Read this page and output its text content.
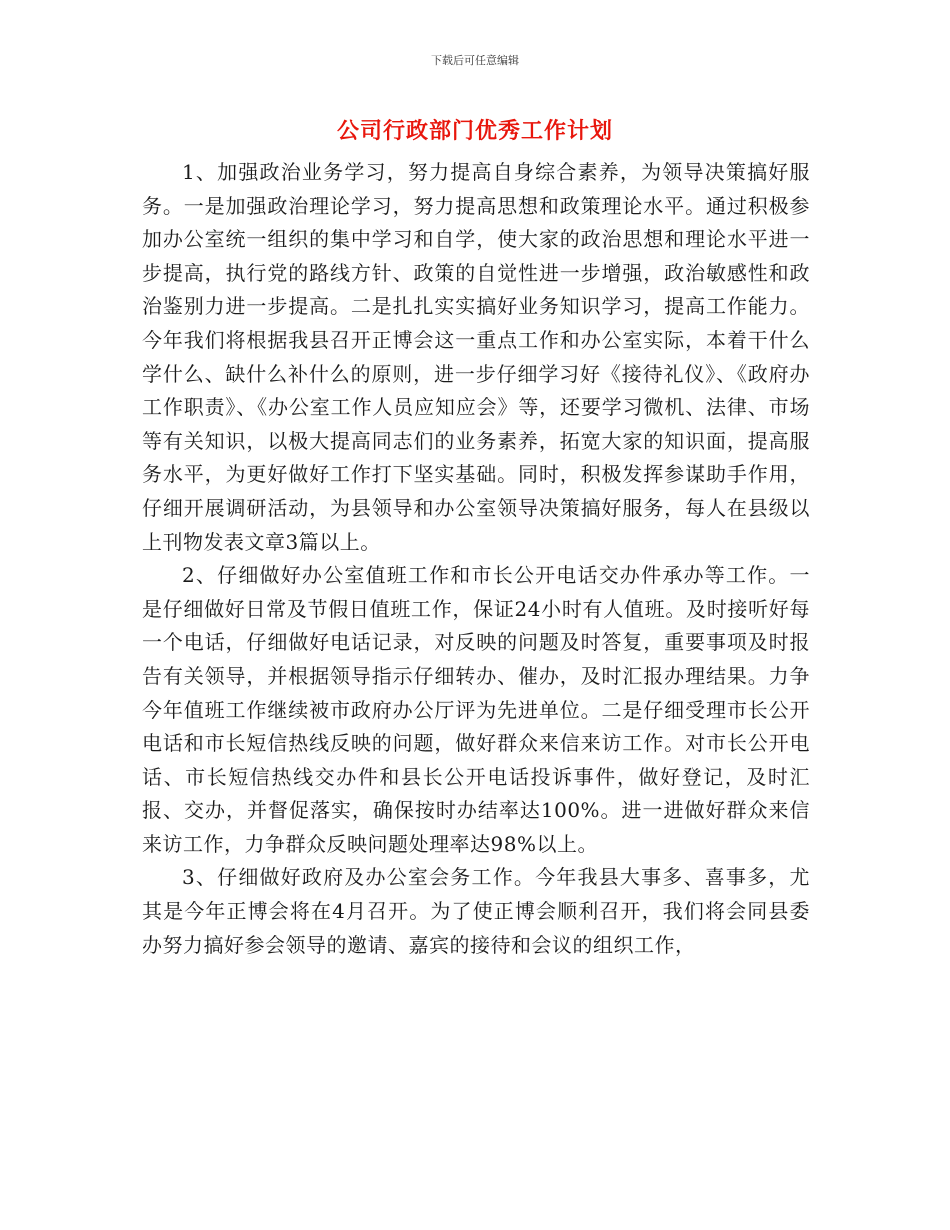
下载后可任意编辑
公司行政部门优秀工作计划

1、加强政治业务学习，努力提高自身综合素养，为领导决策搞好服务。一是加强政治理论学习，努力提高思想和政策理论水平。通过积极参加办公室统一组织的集中学习和自学，使大家的政治思想和理论水平进一步提高，执行党的路线方针、政策的自觉性进一步增强，政治敏感性和政治鉴别力进一步提高。二是扎扎实实搞好业务知识学习，提高工作能力。今年我们将根据我县召开正博会这一重点工作和办公室实际，本着干什么学什么、缺什么补什么的原则，进一步仔细学习好《接待礼仪》、《政府办工作职责》、《办公室工作人员应知应会》等，还要学习微机、法律、市场等有关知识，以极大提高同志们的业务素养，拓宽大家的知识面，提高服务水平，为更好做好工作打下坚实基础。同时，积极发挥参谋助手作用，仔细开展调研活动，为县领导和办公室领导决策搞好服务，每人在县级以上刊物发表文章3篇以上。

2、仔细做好办公室值班工作和市长公开电话交办件承办等工作。一是仔细做好日常及节假日值班工作，保证24小时有人值班。及时接听好每一个电话，仔细做好电话记录，对反映的问题及时答复，重要事项及时报告有关领导，并根据领导指示仔细转办、催办，及时汇报办理结果。力争今年值班工作继续被市政府办公厅评为先进单位。二是仔细受理市长公开电话和市长短信热线反映的问题，做好群众来信来访工作。对市长公开电话、市长短信热线交办件和县长公开电话投诉事件，做好登记，及时汇报、交办，并督促落实，确保按时办结率达100%。进一进做好群众来信来访工作，力争群众反映问题处理率达98%以上。

3、仔细做好政府及办公室会务工作。今年我县大事多、喜事多，尤其是今年正博会将在4月召开。为了使正博会顺利召开，我们将会同县委办努力搞好参会领导的邀请、嘉宾的接待和会议的组织工作，
